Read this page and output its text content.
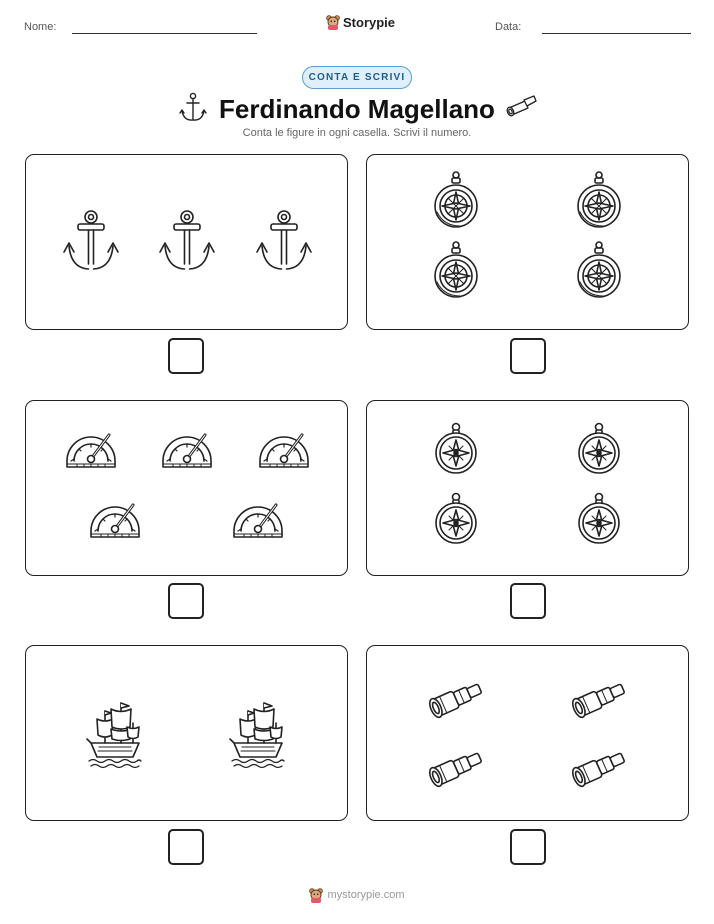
Nome:	Storypie	Data:
CONTA E SCRIVI
Ferdinando Magellano
Conta le figure in ogni casella. Scrivi il numero.
mystorypie.com
